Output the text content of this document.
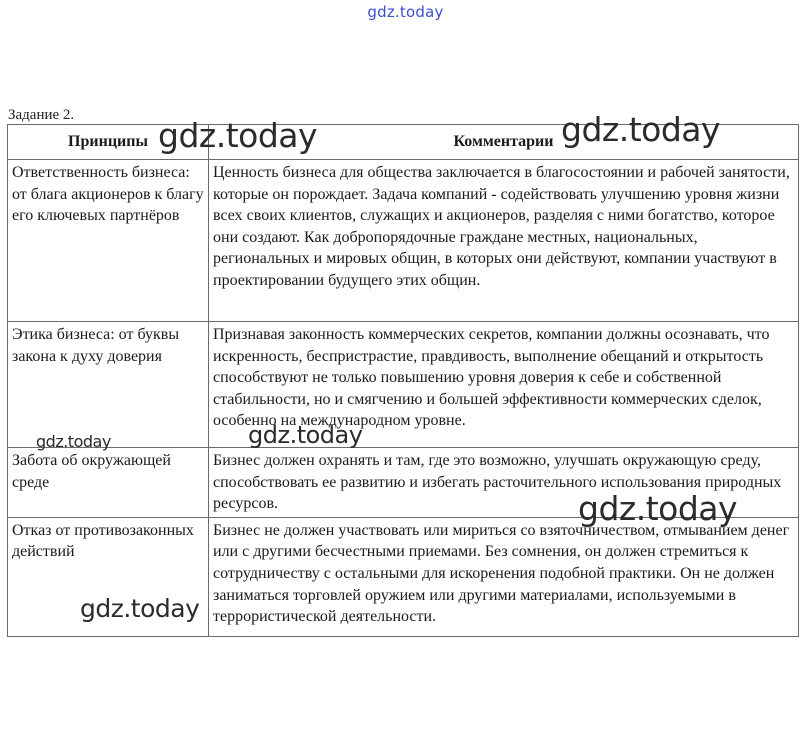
gdz.today
Задание 2.
Принципы	Комментарии
Ответственность бизнеса: от блага акционеров к благу его ключевых партнёров	Ценность бизнеса для общества заключается в благосостоянии и рабочей занятости, которые он порождает. Задача компаний - содействовать улучшению уровня жизни всех своих клиентов, служащих и акционеров, разделяя с ними богатство, которое они создают. Как добропорядочные граждане местных, национальных, региональных и мировых общин, в которых они действуют, компании участвуют в проектировании будущего этих общин.
Этика бизнеса: от буквы закона к духу доверия	Признавая законность коммерческих секретов, компании должны осознавать, что искренность, беспристрастие, правдивость, выполнение обещаний и открытость способствуют не только повышению уровня доверия к себе и собственной стабильности, но и смягчению и большей эффективности коммерческих сделок, особенно на международном уровне.
Забота об окружающей среде	Бизнес должен охранять и там, где это возможно, улучшать окружающую среду, способствовать ее развитию и избегать расточительного использования природных ресурсов.
Отказ от противозаконных действий	Бизнес не должен участвовать или мириться со взяточничеством, отмыванием денег или с другими бесчестными приемами. Без сомнения, он должен стремиться к сотрудничеству с остальными для искоренения подобной практики. Он не должен заниматься торговлей оружием или другими материалами, используемыми в террористической деятельности.
gdz.today	gdz.today
gdz.today	gdz.today
gdz.today
gdz.today
